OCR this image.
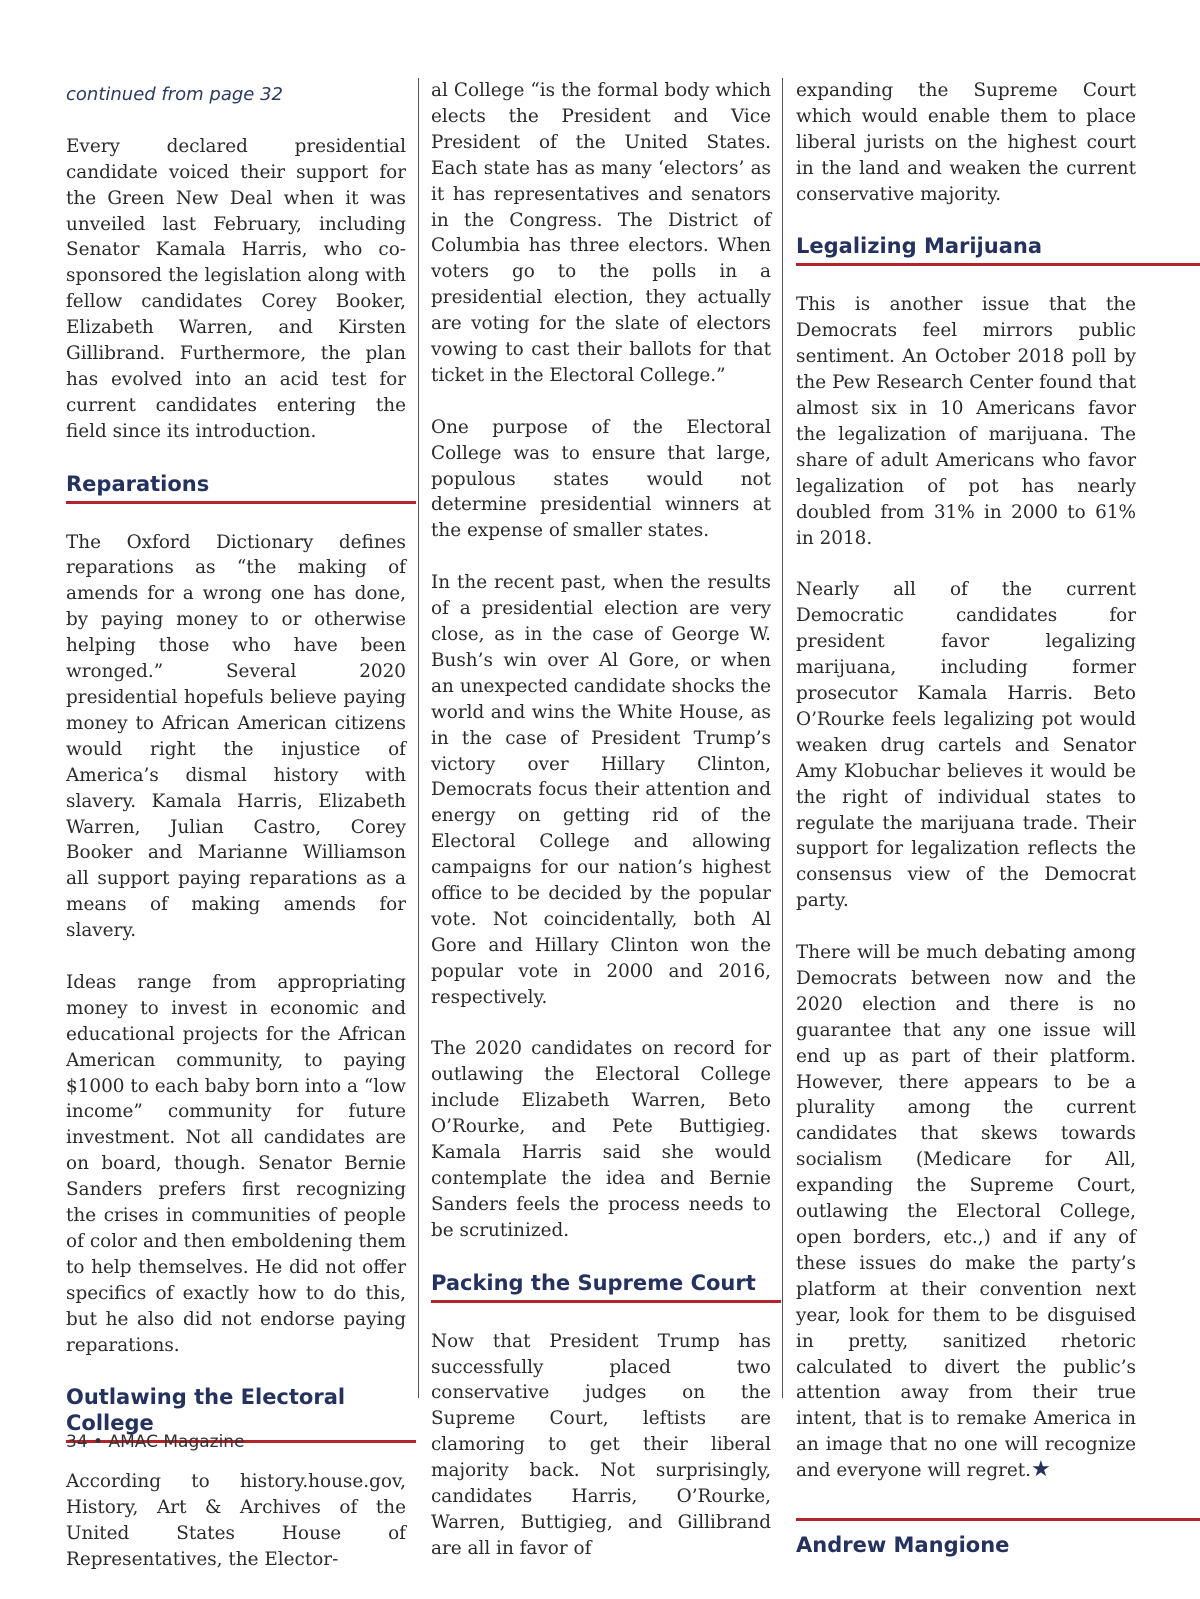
continued from page 32

Every declared presidential candidate voiced their support for the Green New Deal when it was unveiled last February, including Senator Kamala Harris, who co-sponsored the legislation along with fellow candidates Corey Booker, Elizabeth Warren, and Kirsten Gillibrand. Furthermore, the plan has evolved into an acid test for current candidates entering the field since its introduction.

Reparations

The Oxford Dictionary defines reparations as “the making of amends for a wrong one has done, by paying money to or otherwise helping those who have been wronged.” Several 2020 presidential hopefuls believe paying money to African American citizens would right the injustice of America’s dismal history with slavery. Kamala Harris, Elizabeth Warren, Julian Castro, Corey Booker and Marianne Williamson all support paying reparations as a means of making amends for slavery.

Ideas range from appropriating money to invest in economic and educational projects for the African American community, to paying $1000 to each baby born into a “low income” community for future investment. Not all candidates are on board, though. Senator Bernie Sanders prefers first recognizing the crises in communities of people of color and then emboldening them to help themselves. He did not offer specifics of exactly how to do this, but he also did not endorse paying reparations.

Outlawing the Electoral College

According to history.house.gov, History, Art & Archives of the United States House of Representatives, the Elector-

al College “is the formal body which elects the President and Vice President of the United States. Each state has as many ‘electors’ as it has representatives and senators in the Congress. The District of Columbia has three electors. When voters go to the polls in a presidential election, they actually are voting for the slate of electors vowing to cast their ballots for that ticket in the Electoral College.”

One purpose of the Electoral College was to ensure that large, populous states would not determine presidential winners at the expense of smaller states.

In the recent past, when the results of a presidential election are very close, as in the case of George W. Bush’s win over Al Gore, or when an unexpected candidate shocks the world and wins the White House, as in the case of President Trump’s victory over Hillary Clinton, Democrats focus their attention and energy on getting rid of the Electoral College and allowing campaigns for our nation’s highest office to be decided by the popular vote. Not coincidentally, both Al Gore and Hillary Clinton won the popular vote in 2000 and 2016, respectively.

The 2020 candidates on record for outlawing the Electoral College include Elizabeth Warren, Beto O’Rourke, and Pete Buttigieg. Kamala Harris said she would contemplate the idea and Bernie Sanders feels the process needs to be scrutinized.

Packing the Supreme Court

Now that President Trump has successfully placed two conservative judges on the Supreme Court, leftists are clamoring to get their liberal majority back. Not surprisingly, candidates Harris, O’Rourke, Warren, Buttigieg, and Gillibrand are all in favor of

expanding the Supreme Court which would enable them to place liberal jurists on the highest court in the land and weaken the current conservative majority.

Legalizing Marijuana

This is another issue that the Democrats feel mirrors public sentiment. An October 2018 poll by the Pew Research Center found that almost six in 10 Americans favor the legalization of marijuana. The share of adult Americans who favor legalization of pot has nearly doubled from 31% in 2000 to 61% in 2018.

Nearly all of the current Democratic candidates for president favor legalizing marijuana, including former prosecutor Kamala Harris. Beto O’Rourke feels legalizing pot would weaken drug cartels and Senator Amy Klobuchar believes it would be the right of individual states to regulate the marijuana trade. Their support for legalization reflects the consensus view of the Democrat party.

There will be much debating among Democrats between now and the 2020 election and there is no guarantee that any one issue will end up as part of their platform. However, there appears to be a plurality among the current candidates that skews towards socialism (Medicare for All, expanding the Supreme Court, outlawing the Electoral College, open borders, etc.,) and if any of these issues do make the party’s platform at their convention next year, look for them to be disguised in pretty, sanitized rhetoric calculated to divert the public’s attention away from their true intent, that is to remake America in an image that no one will recognize and everyone will regret.★

Andrew Mangione

34 • AMAC Magazine
